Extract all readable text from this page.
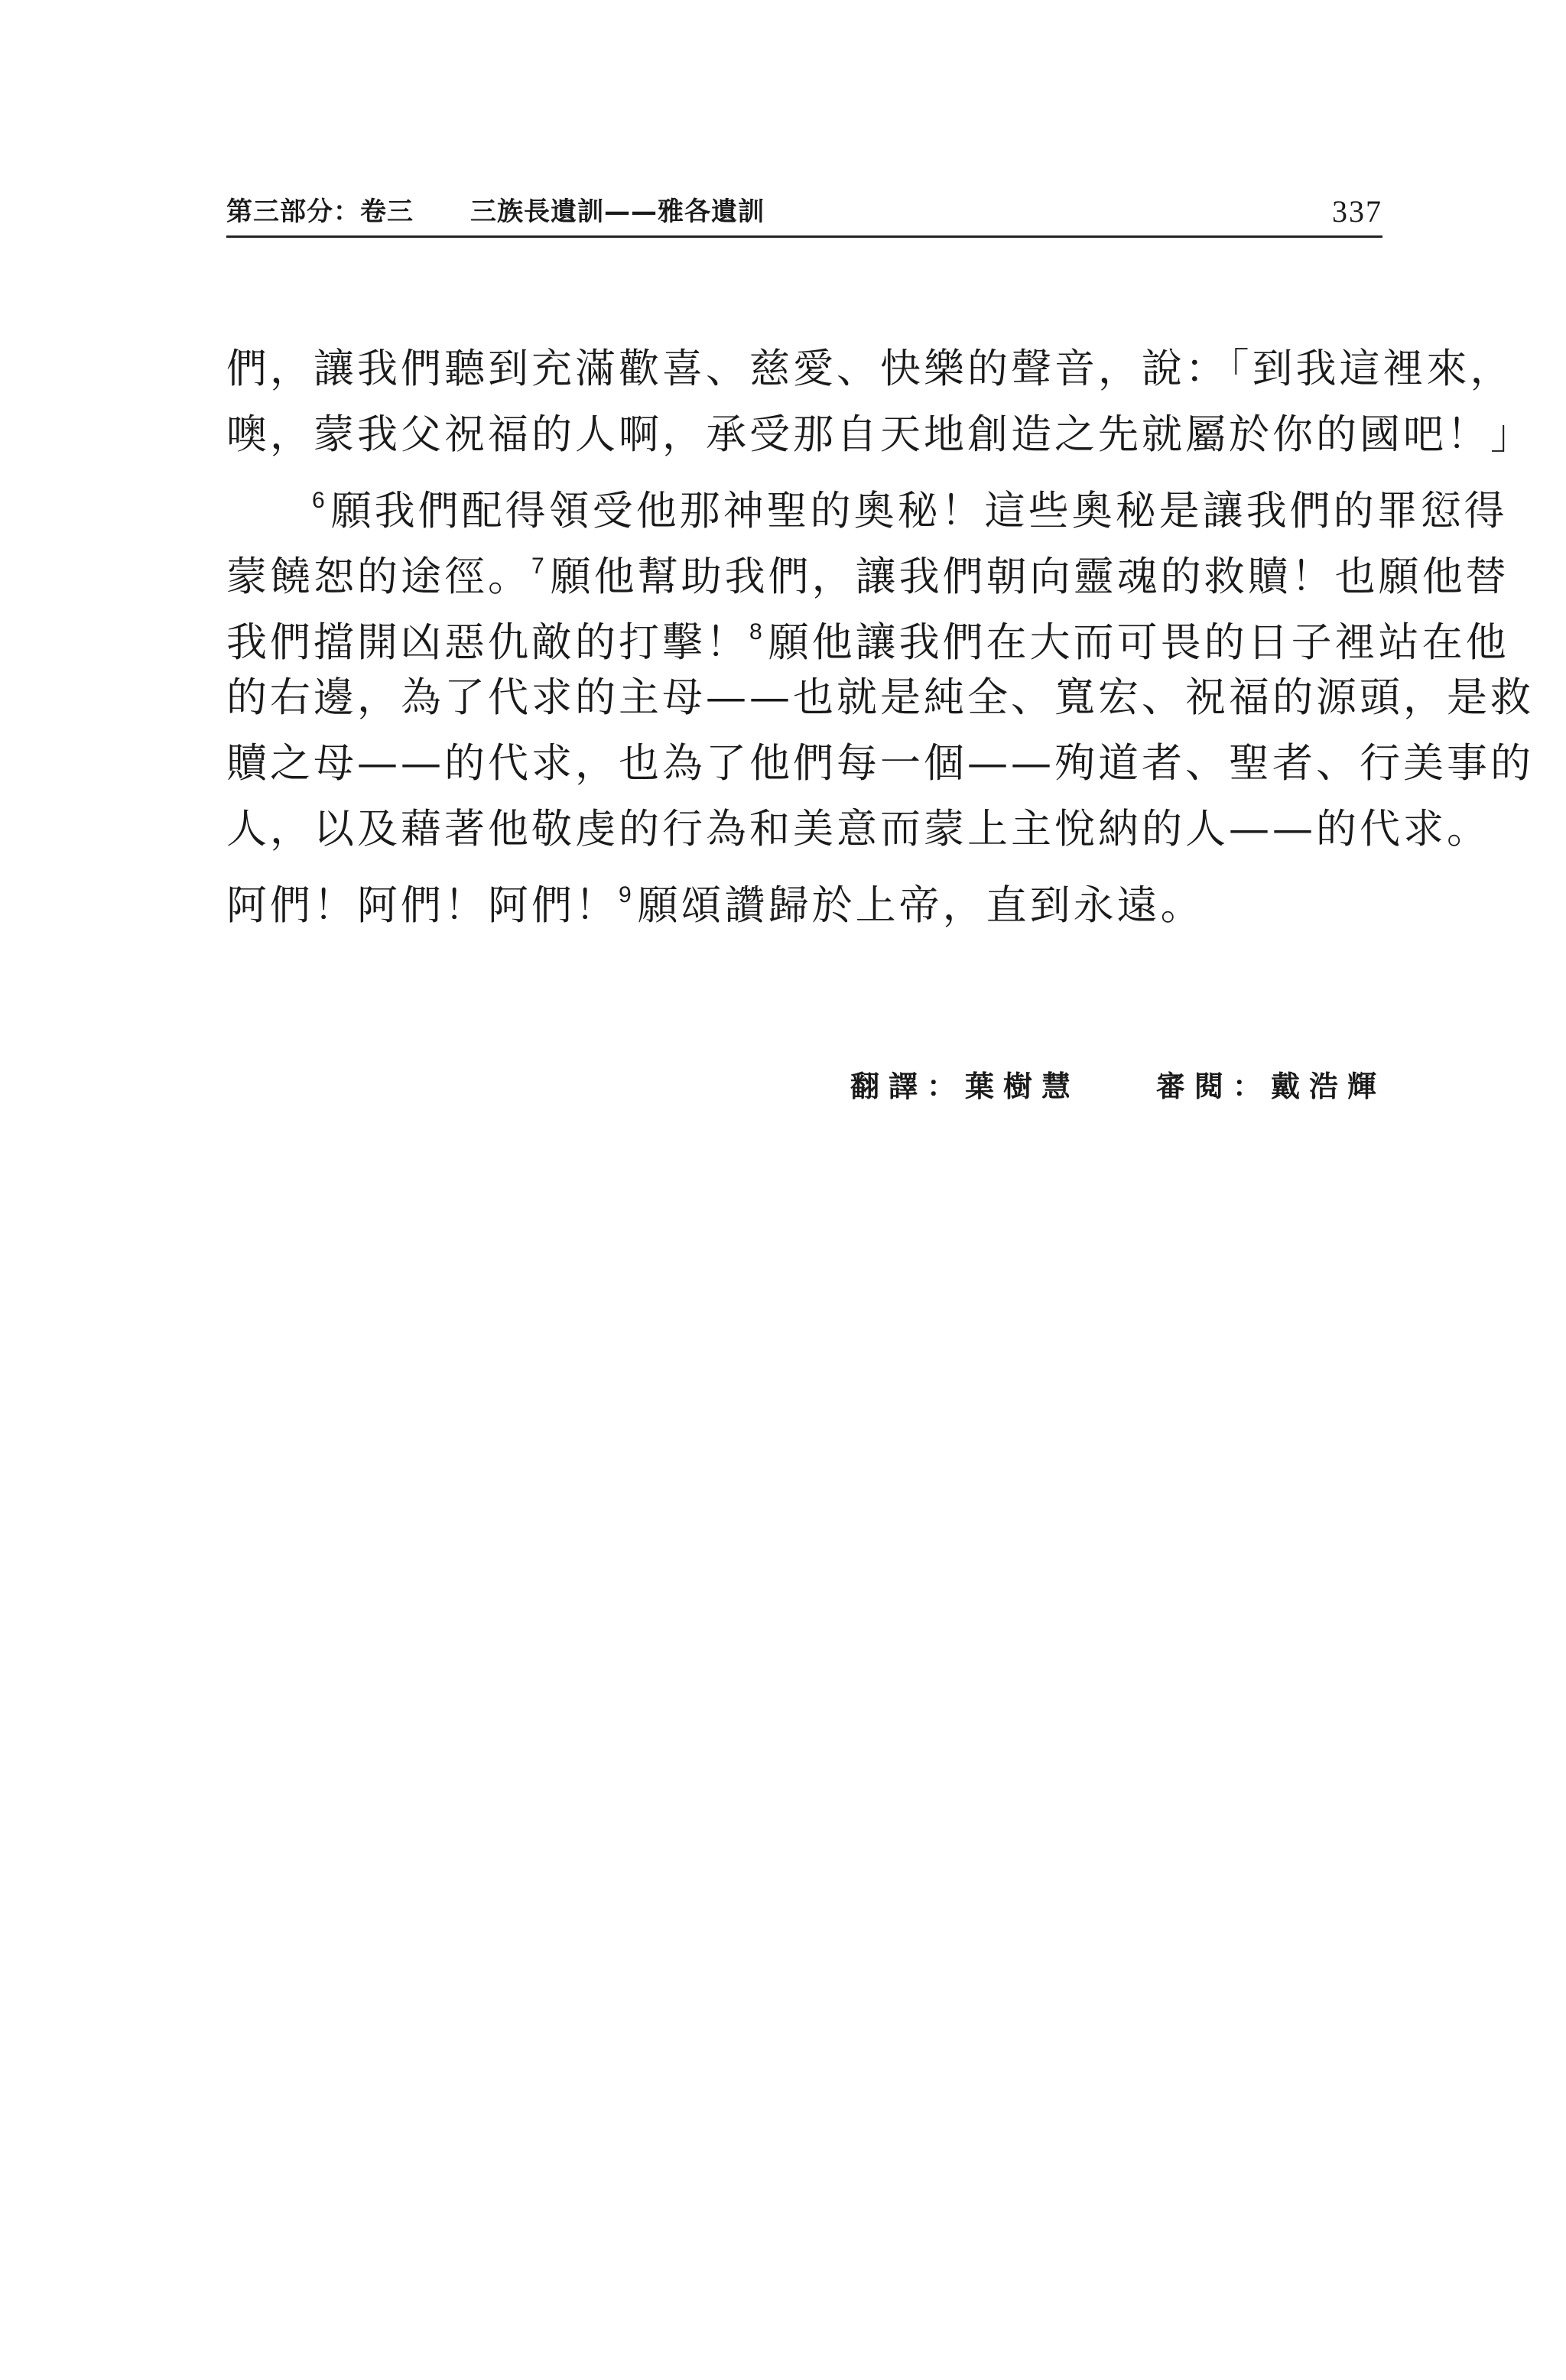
第三部分：卷三 三族長遺訓——雅各遺訓	337
們，讓我們聽到充滿歡喜、慈愛、快樂的聲音，說：「到我這裡來，
噢，蒙我父祝福的人啊，承受那自天地創造之先就屬於你的國吧！」
$^6$ 願我們配得領受他那神聖的奧秘！這些奧秘是讓我們的罪愆得
蒙饒恕的途徑。$^7$ 願他幫助我們，讓我們朝向靈魂的救贖！也願他替
我們擋開凶惡仇敵的打擊！$^8$ 願他讓我們在大而可畏的日子裡站在他
的右邊，為了代求的主母——也就是純全、寬宏、祝福的源頭，是救
贖之母——的代求，也為了他們每一個——殉道者、聖者、行美事的
人，以及藉著他敬虔的行為和美意而蒙上主悅納的人——的代求。
阿們！阿們！阿們！$^9$ 願頌讚歸於上帝，直到永遠。
翻譯：葉樹慧	審閱：戴浩輝
